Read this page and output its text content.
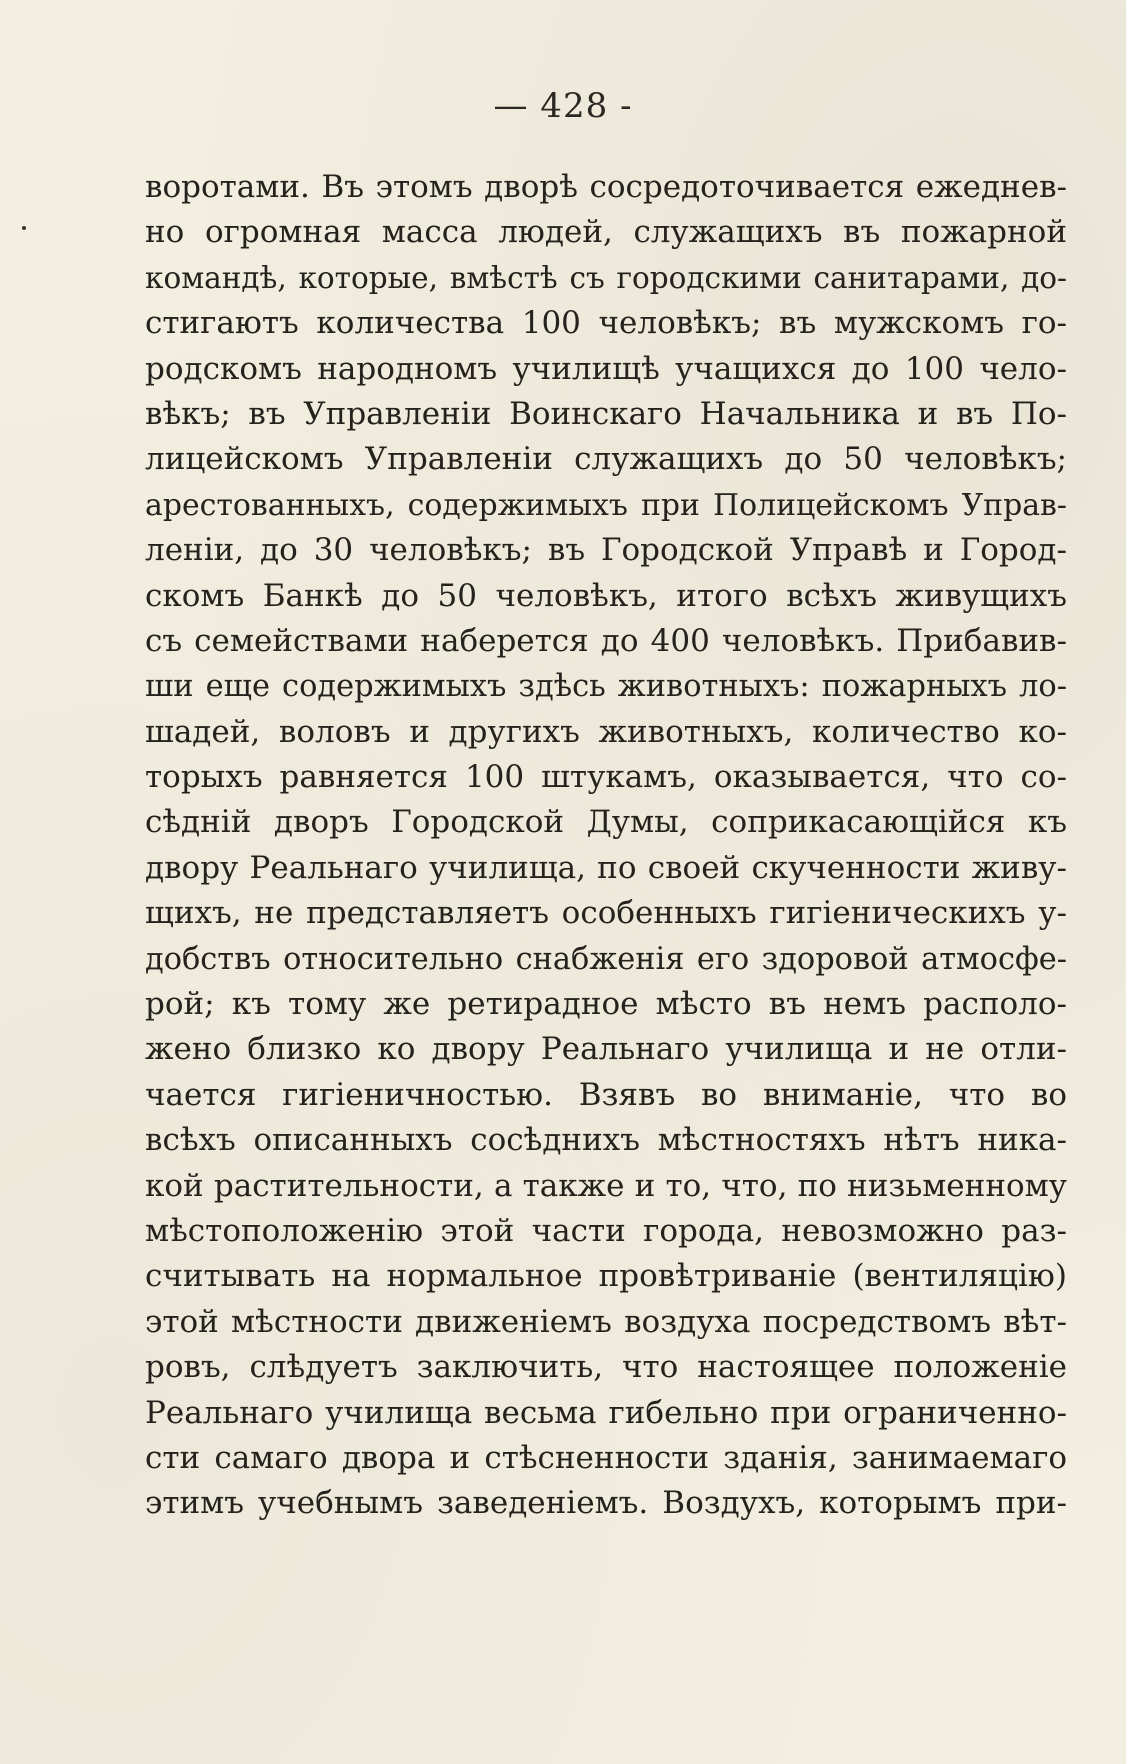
— 428 -
воротами. Въ этомъ дворѣ сосредоточивается ежеднев-
но огромная масса людей, служащихъ въ пожарной
командѣ, которые, вмѣстѣ съ городскими санитарами, до-
стигаютъ количества 100 человѣкъ; въ мужскомъ го-
родскомъ народномъ училищѣ учащихся до 100 чело-
вѣкъ; въ Управленіи Воинскаго Начальника и въ По-
лицейскомъ Управленіи служащихъ до 50 человѣкъ;
арестованныхъ, содержимыхъ при Полицейскомъ Управ-
леніи, до 30 человѣкъ; въ Городской Управѣ и Город-
скомъ Банкѣ до 50 человѣкъ, итого всѣхъ живущихъ
съ семействами наберется до 400 человѣкъ. Прибавив-
ши еще содержимыхъ здѣсь животныхъ: пожарныхъ ло-
шадей, воловъ и другихъ животныхъ, количество ко-
торыхъ равняется 100 штукамъ, оказывается, что со-
сѣдній дворъ Городской Думы, соприкасающійся къ
двору Реальнаго училища, по своей скученности живу-
щихъ, не представляетъ особенныхъ гигіеническихъ у-
добствъ относительно снабженія его здоровой атмосфе-
рой; къ тому же ретирадное мѣсто въ немъ располо-
жено близко ко двору Реальнаго училища и не отли-
чается гигіеничностью. Взявъ во вниманіе, что во
всѣхъ описанныхъ сосѣднихъ мѣстностяхъ нѣтъ ника-
кой растительности, а также и то, что, по низьменному
мѣстоположенію этой части города, невозможно раз-
считывать на нормальное провѣтриваніе (вентиляцію)
этой мѣстности движеніемъ воздуха посредствомъ вѣт-
ровъ, слѣдуетъ заключить, что настоящее положеніе
Реальнаго училища весьма гибельно при ограниченно-
сти самаго двора и стѣсненности зданія, занимаемаго
этимъ учебнымъ заведеніемъ. Воздухъ, которымъ при-
